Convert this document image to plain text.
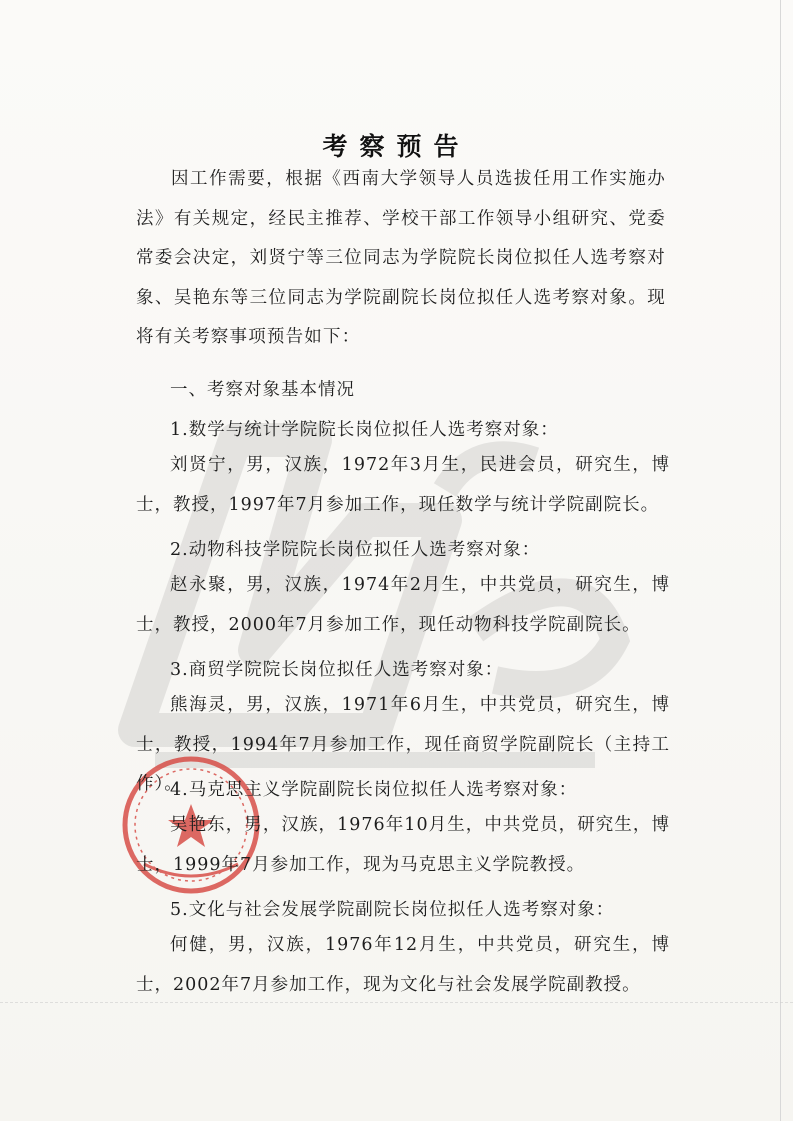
考察预告

因工作需要，根据《西南大学领导人员选拔任用工作实施办法》有关规定，经民主推荐、学校干部工作领导小组研究、党委常委会决定，刘贤宁等三位同志为学院院长岗位拟任人选考察对象、吴艳东等三位同志为学院副院长岗位拟任人选考察对象。现将有关考察事项预告如下：

一、考察对象基本情况
1.数学与统计学院院长岗位拟任人选考察对象：

刘贤宁，男，汉族，1972年3月生，民进会员，研究生，博士，教授，1997年7月参加工作，现任数学与统计学院副院长。

2.动物科技学院院长岗位拟任人选考察对象：

赵永聚，男，汉族，1974年2月生，中共党员，研究生，博士，教授，2000年7月参加工作，现任动物科技学院副院长。

3.商贸学院院长岗位拟任人选考察对象：

熊海灵，男，汉族，1971年6月生，中共党员，研究生，博士，教授，1994年7月参加工作，现任商贸学院副院长（主持工作）。

4.马克思主义学院副院长岗位拟任人选考察对象：

吴艳东，男，汉族，1976年10月生，中共党员，研究生，博士，1999年7月参加工作，现为马克思主义学院教授。

5.文化与社会发展学院副院长岗位拟任人选考察对象：

何健，男，汉族，1976年12月生，中共党员，研究生，博士，2002年7月参加工作，现为文化与社会发展学院副教授。
